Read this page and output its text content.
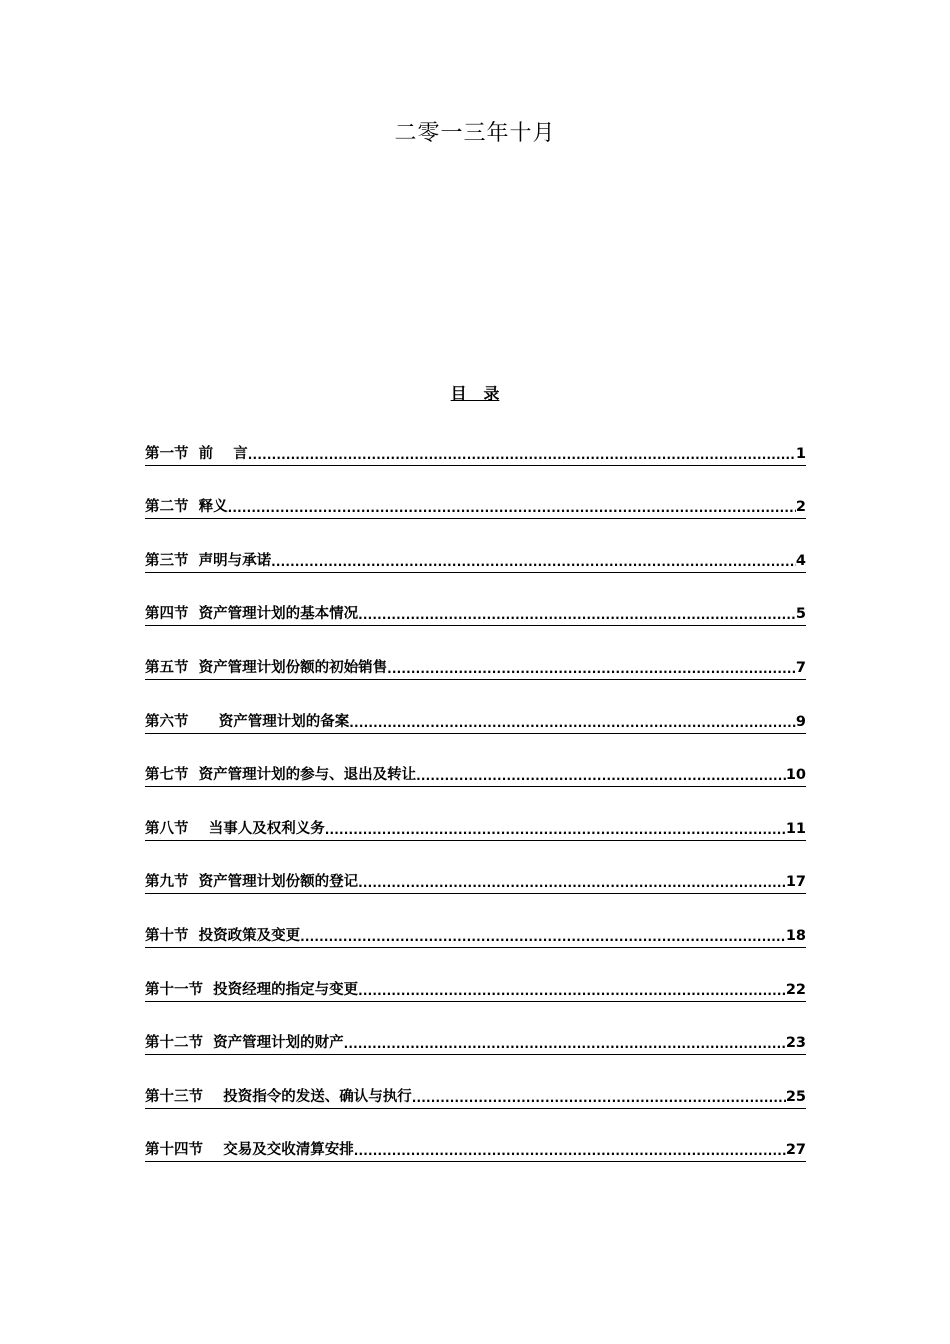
二零一三年十月
目   录
第一节  前    言 .....	1
第二节  释义 .....	2
第三节  声明与承诺 .....	4
第四节  资产管理计划的基本情况 .....	5
第五节  资产管理计划份额的初始销售 .....	7
第六节      资产管理计划的备案 .....	9
第七节  资产管理计划的参与、退出及转让 .....	10
第八节    当事人及权利义务 .....	11
第九节  资产管理计划份额的登记 .....	17
第十节  投资政策及变更 .....	18
第十一节  投资经理的指定与变更 .....	22
第十二节  资产管理计划的财产 .....	23
第十三节    投资指令的发送、确认与执行 .....	25
第十四节    交易及交收清算安排 .....	27
